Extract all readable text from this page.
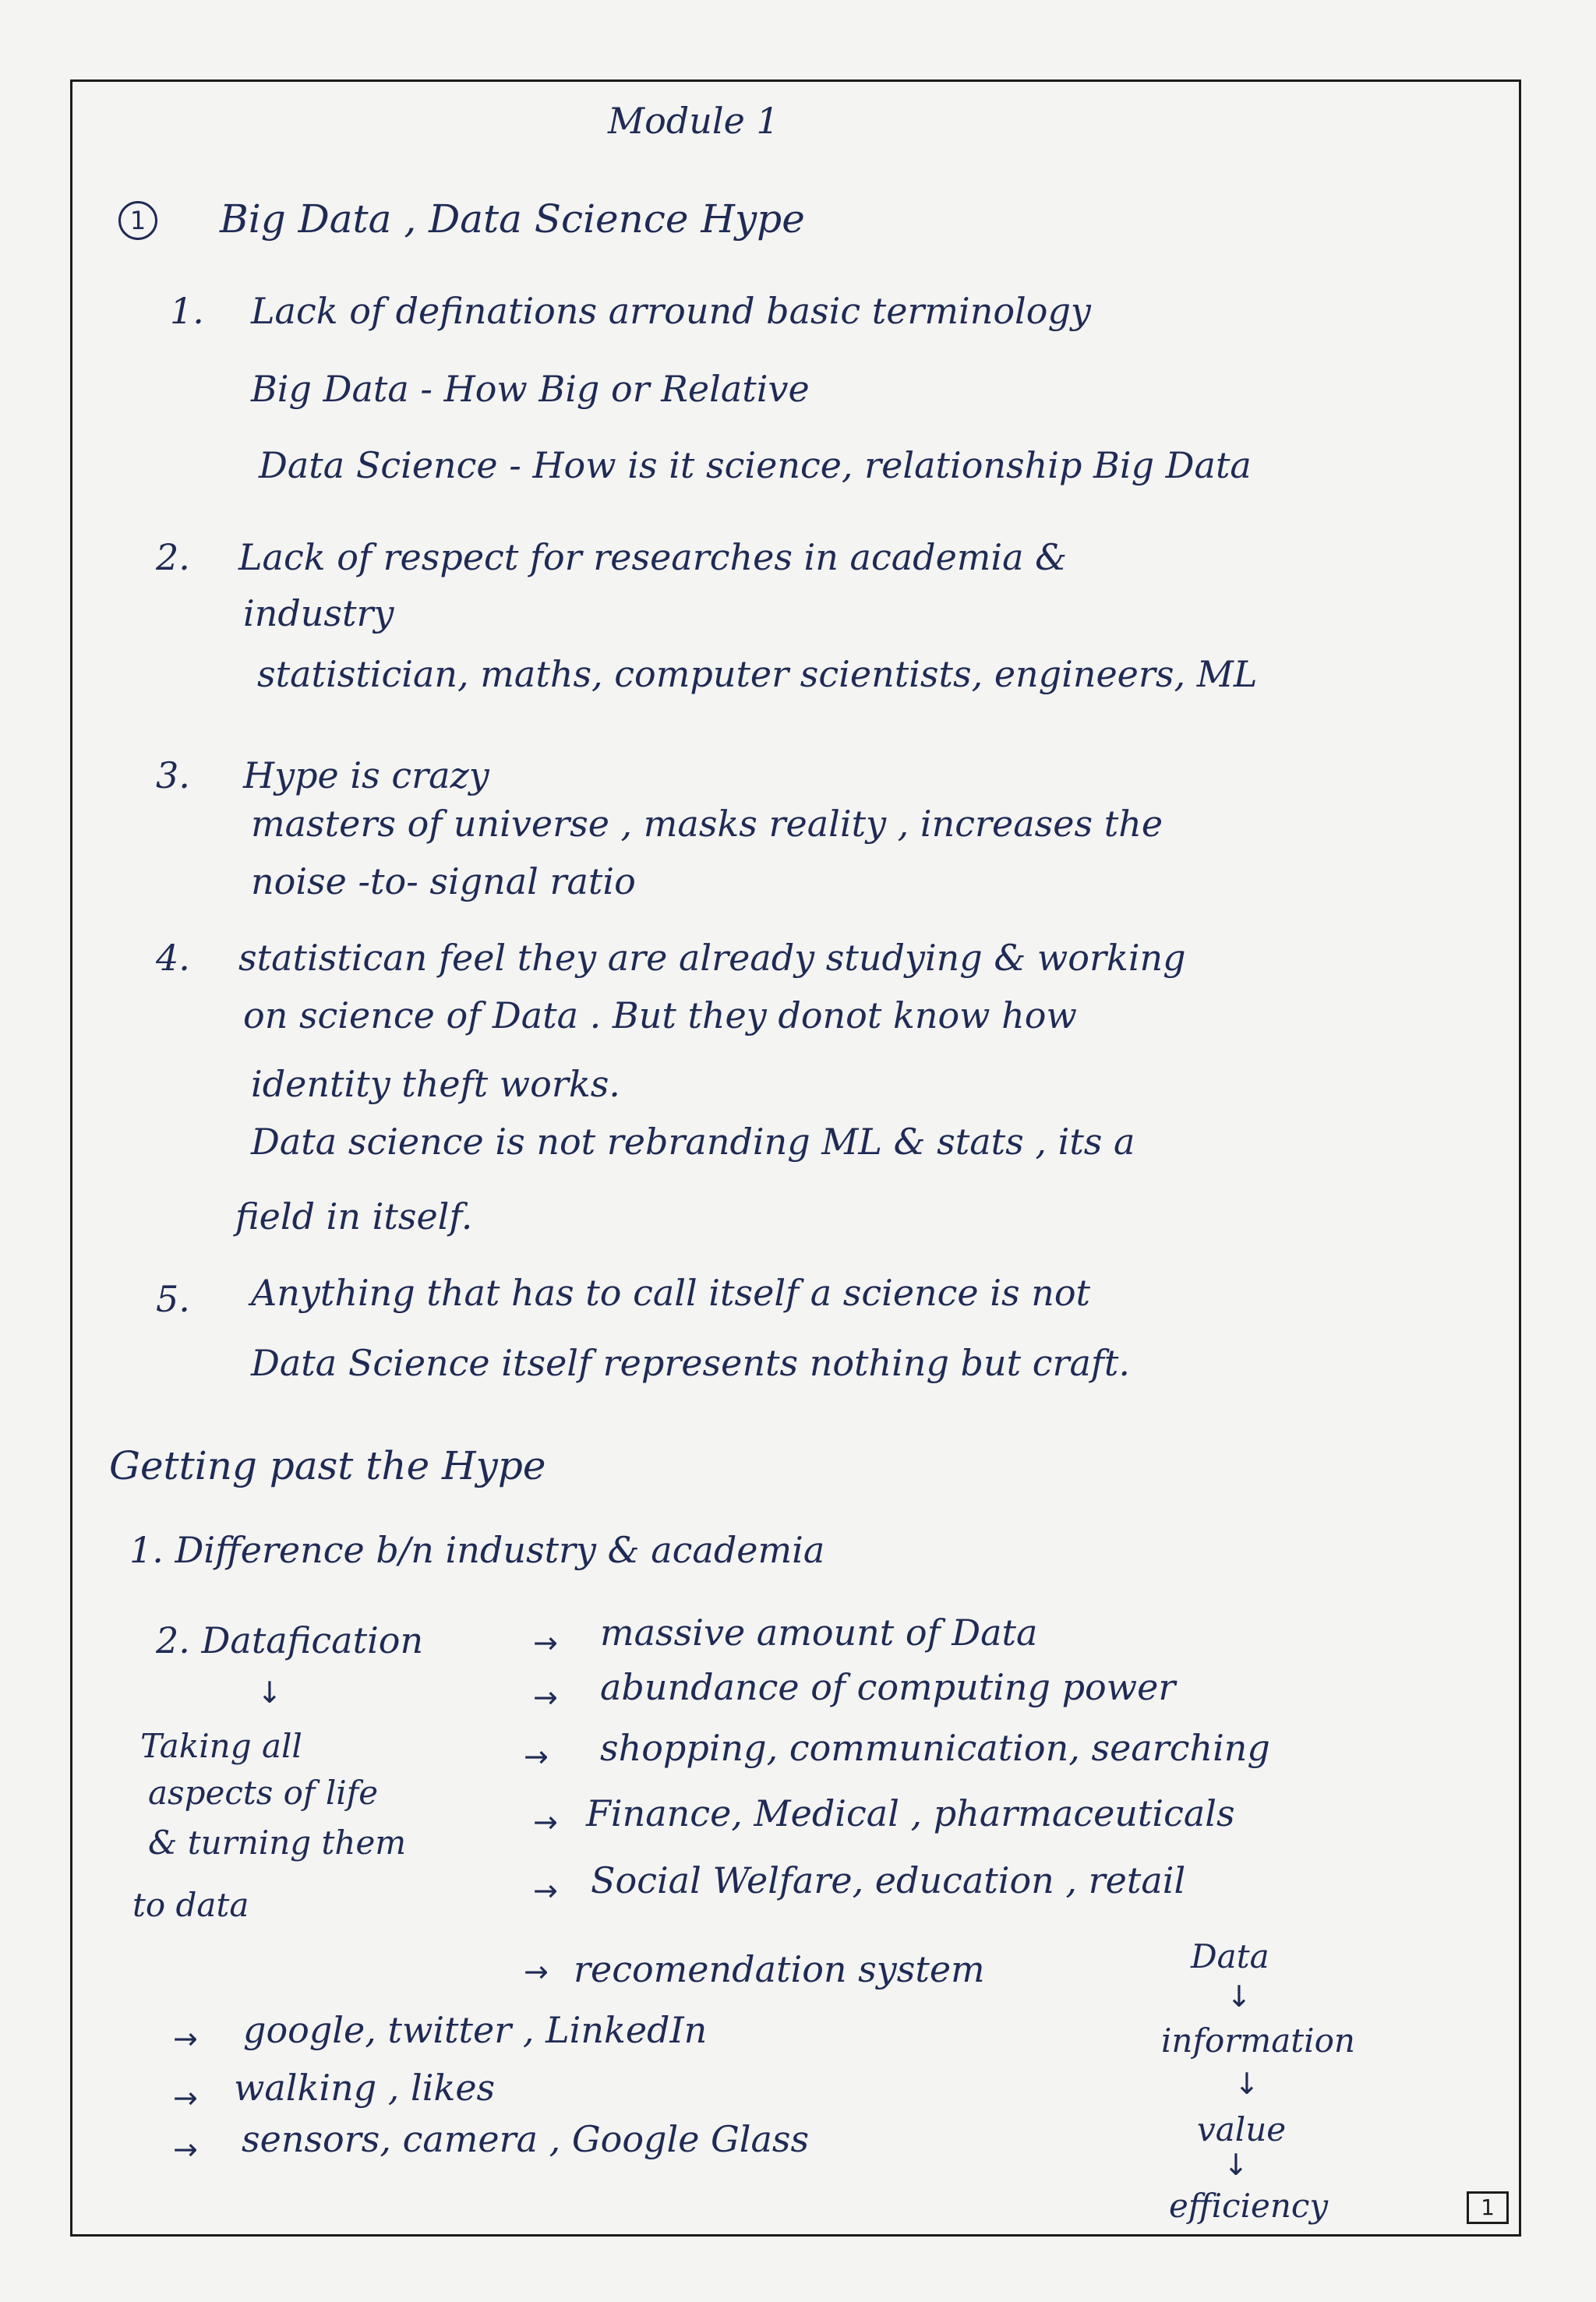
Module 1
1 Big Data , Data Science Hype
1. Lack of definations arround basic terminology
Big Data - How Big or Relative
Data Science - How is it science, relationship Big Data
2. Lack of respect for researches in academia &
industry
statistician, maths, computer scientists, engineers, ML
3. Hype is crazy
masters of universe , masks reality , increases the
noise -to- signal ratio
4. statistican feel they are already studying & working
on science of Data . But they donot know how
identity theft works.
Data science is not rebranding ML & stats , its a
field in itself.
5. Anything that has to call itself a science is not
Data Science itself represents nothing but craft.
Getting past the Hype
1. Difference b/n industry & academia
2. Datafication
↓
Taking all
aspects of life
& turning them
to data
→ massive amount of Data
→ abundance of computing power
→ shopping, communication, searching
→ Finance, Medical , pharmaceuticals
→ Social Welfare, education , retail
→ recomendation system
→ google, twitter , LinkedIn
→ walking , likes
→ sensors, camera , Google Glass
Data
↓
information
↓
value
↓
efficiency	1
